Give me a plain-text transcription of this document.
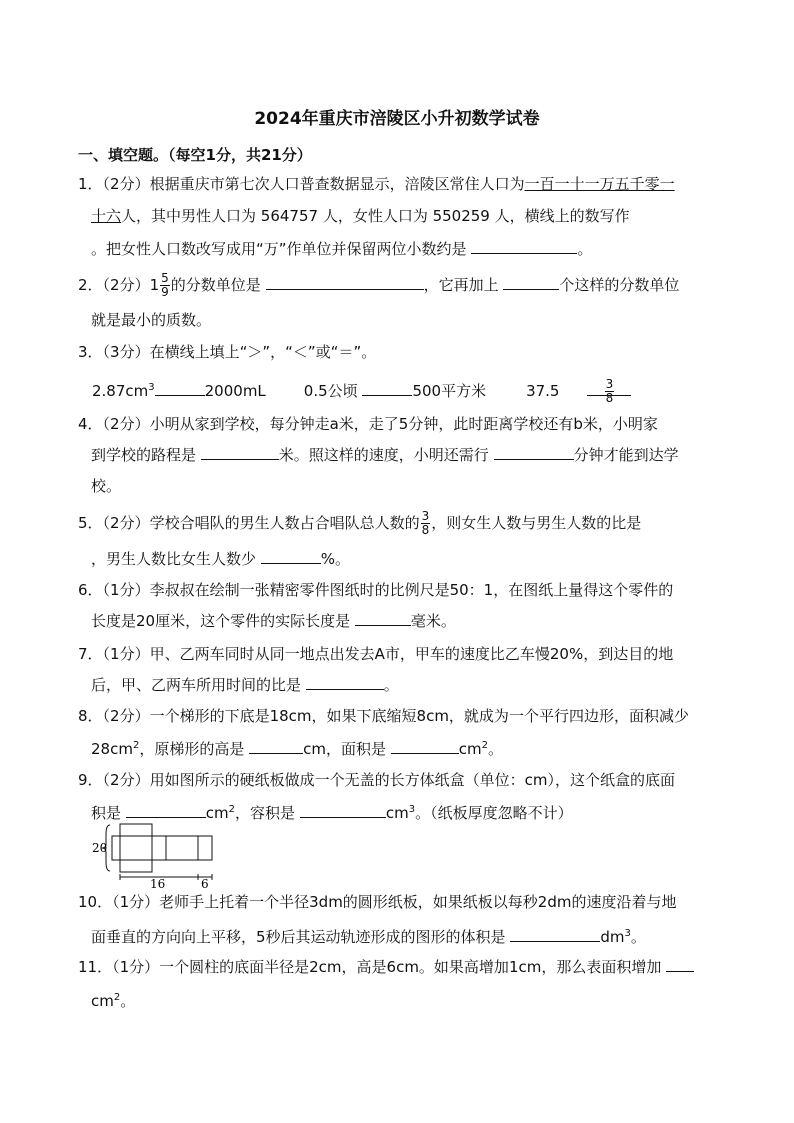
2024年重庆市涪陵区小升初数学试卷
一、填空题。（每空1分，共21分）
1．（2分）根据重庆市第七次人口普查数据显示，涪陵区常住人口为一百一十一万五千零一
十六人，其中男性人口为 564757 人，女性人口为 550259 人，横线上的数写作
。把女性人口数改写成用“万”作单位并保留两位小数约是	。
2．（2分）$1 \frac{5}{9}$ 的分数单位是	，它再加上	个这样的分数单位
就是最小的质数。
3．（3分）在横线上填上“＞”，“＜”或“＝”。
$2.87cm^3$	2000mL	0.5公顷	500平方米	$37.5 \frac{3}{8}$
4．（2分）小明从家到学校，每分钟走a米，走了5分钟，此时距离学校还有b米，小明家
到学校的路程是	米。照这样的速度，小明还需行	分钟才能到达学
校。
5．（2分）学校合唱队的男生人数占合唱队总人数的 $\frac{3}{8}$ ，则女生人数与男生人数的比是
，男生人数比女生人数少	%。
6．（1分）李叔叔在绘制一张精密零件图纸时的比例尺是50：1，在图纸上量得这个零件的
长度是20厘米，这个零件的实际长度是	毫米。
7．（1分）甲、乙两车同时从同一地点出发去A市，甲车的速度比乙车慢20%，到达目的地
后，甲、乙两车所用时间的比是	。
8．（2分）一个梯形的下底是18cm，如果下底缩短8cm，就成为一个平行四边形，面积减少
$28cm^2$，原梯形的高是	cm，面积是	$cm^2$。
9．（2分）用如图所示的硬纸板做成一个无盖的长方体纸盒（单位：cm），这个纸盒的底面
积是	$cm^2$，容积是	$cm^3$。（纸板厚度忽略不计）
20
16	6
10．（1分）老师手上托着一个半径3dm的圆形纸板，如果纸板以每秒2dm的速度沿着与地
面垂直的方向向上平移，5秒后其运动轨迹形成的图形的体积是	$dm^3$。
11．（1分）一个圆柱的底面半径是2cm，高是6cm。如果高增加1cm，那么表面积增加
$cm^2$。
